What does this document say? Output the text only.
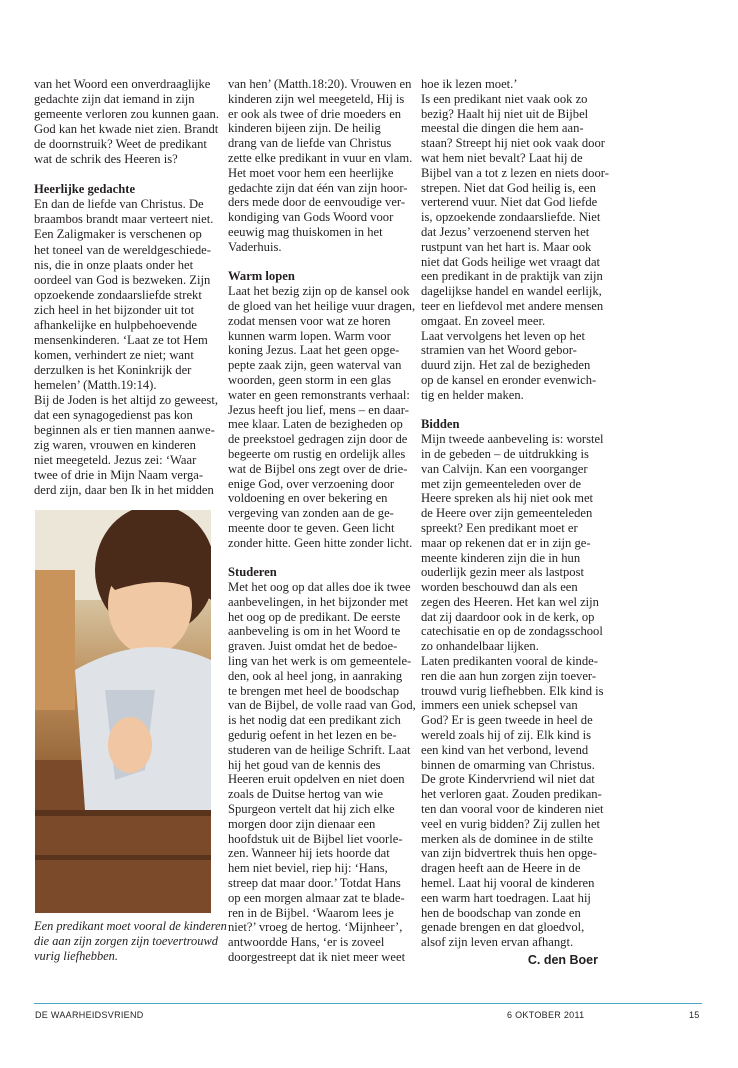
van het Woord een onverdraaglijke
gedachte zijn dat iemand in zijn
gemeente verloren zou kunnen gaan.
God kan het kwade niet zien. Brandt
de doornstruik? Weet de predikant
wat de schrik des Heeren is?
Heerlijke gedachte
En dan de liefde van Christus. De
braambos brandt maar verteert niet.
Een Zaligmaker is verschenen op
het toneel van de wereldgeschiede-
nis, die in onze plaats onder het
oordeel van God is bezweken. Zijn
opzoekende zondaarsliefde strekt
zich heel in het bijzonder uit tot
afhankelijke en hulpbehoevende
mensenkinderen. ‘Laat ze tot Hem
komen, verhindert ze niet; want
derzulken is het Koninkrijk der
hemelen’ (Matth.19:14).
Bij de Joden is het altijd zo geweest,
dat een synagogedienst pas kon
beginnen als er tien mannen aanwe-
zig waren, vrouwen en kinderen
niet meegeteld. Jezus zei: ‘Waar
twee of drie in Mijn Naam verga-
derd zijn, daar ben Ik in het midden
van hen’ (Matth.18:20). Vrouwen en
kinderen zijn wel meegeteld, Hij is
er ook als twee of drie moeders en
kinderen bijeen zijn. De heilig
drang van de liefde van Christus
zette elke predikant in vuur en vlam.
Het moet voor hem een heerlijke
gedachte zijn dat één van zijn hoor-
ders mede door de eenvoudige ver-
kondiging van Gods Woord voor
eeuwig mag thuiskomen in het
Vaderhuis.
Warm lopen
Laat het bezig zijn op de kansel ook
de gloed van het heilige vuur dragen,
zodat mensen voor wat ze horen
kunnen warm lopen. Warm voor
koning Jezus. Laat het geen opge-
pepte zaak zijn, geen waterval van
woorden, geen storm in een glas
water en geen remonstrants verhaal:
Jezus heeft jou lief, mens – en daar-
mee klaar. Laten de bezigheden op
de preekstoel gedragen zijn door de
begeerte om rustig en ordelijk alles
wat de Bijbel ons zegt over de drie-
enige God, over verzoening door
voldoening en over bekering en
vergeving van zonden aan de ge-
meente door te geven. Geen licht
zonder hitte. Geen hitte zonder licht.
Studeren
Met het oog op dat alles doe ik twee
aanbevelingen, in het bijzonder met
het oog op de predikant. De eerste
aanbeveling is om in het Woord te
graven. Juist omdat het de bedoe-
ling van het werk is om gemeentele-
den, ook al heel jong, in aanraking
te brengen met heel de boodschap
van de Bijbel, de volle raad van God,
is het nodig dat een predikant zich
gedurig oefent in het lezen en be-
studeren van de heilige Schrift. Laat
hij het goud van de kennis des
Heeren eruit opdelven en niet doen
zoals de Duitse hertog van wie
Spurgeon vertelt dat hij zich elke
morgen door zijn dienaar een
hoofdstuk uit de Bijbel liet voorle-
zen. Wanneer hij iets hoorde dat
hem niet beviel, riep hij: ‘Hans,
streep dat maar door.’ Totdat Hans
op een morgen almaar zat te blade-
ren in de Bijbel. ‘Waarom lees je
niet?’ vroeg de hertog. ‘Mijnheer’,
antwoordde Hans, ‘er is zoveel
doorgestreept dat ik niet meer weet
hoe ik lezen moet.’
Is een predikant niet vaak ook zo
bezig? Haalt hij niet uit de Bijbel
meestal die dingen die hem aan-
staan? Streept hij niet ook vaak door
wat hem niet bevalt? Laat hij de
Bijbel van a tot z lezen en niets door-
strepen. Niet dat God heilig is, een
verterend vuur. Niet dat God liefde
is, opzoekende zondaarsliefde. Niet
dat Jezus’ verzoenend sterven het
rustpunt van het hart is. Maar ook
niet dat Gods heilige wet vraagt dat
een predikant in de praktijk van zijn
dagelijkse handel en wandel eerlijk,
teer en liefdevol met andere mensen
omgaat. En zoveel meer.
Laat vervolgens het leven op het
stramien van het Woord gebor-
duurd zijn. Het zal de bezigheden
op de kansel en eronder evenwich-
tig en helder maken.
Bidden
Mijn tweede aanbeveling is: worstel
in de gebeden – de uitdrukking is
van Calvijn. Kan een voorganger
met zijn gemeenteleden over de
Heere spreken als hij niet ook met
de Heere over zijn gemeenteleden
spreekt? Een predikant moet er
maar op rekenen dat er in zijn ge-
meente kinderen zijn die in hun
ouderlijk gezin meer als lastpost
worden beschouwd dan als een
zegen des Heeren. Het kan wel zijn
dat zij daardoor ook in de kerk, op
catechisatie en op de zondagsschool
zo onhandelbaar lijken.
Laten predikanten vooral de kinde-
ren die aan hun zorgen zijn toever-
trouwd vurig liefhebben. Elk kind is
immers een uniek schepsel van
God? Er is geen tweede in heel de
wereld zoals hij of zij. Elk kind is
een kind van het verbond, levend
binnen de omarming van Christus.
De grote Kindervriend wil niet dat
het verloren gaat. Zouden predikan-
ten dan vooral voor de kinderen niet
veel en vurig bidden? Zij zullen het
merken als de dominee in de stilte
van zijn bidvertrek thuis hen opge-
dragen heeft aan de Heere in de
hemel. Laat hij vooral de kinderen
een warm hart toedragen. Laat hij
hen de boodschap van zonde en
genade brengen en dat gloedvol,
alsof zijn leven ervan afhangt.
Een predikant moet vooral de kinderen
die aan zijn zorgen zijn toevertrouwd
vurig liefhebben.	C. den Boer
DE WAARHEIDSVRIEND	6 OKTOBER 2011	15
